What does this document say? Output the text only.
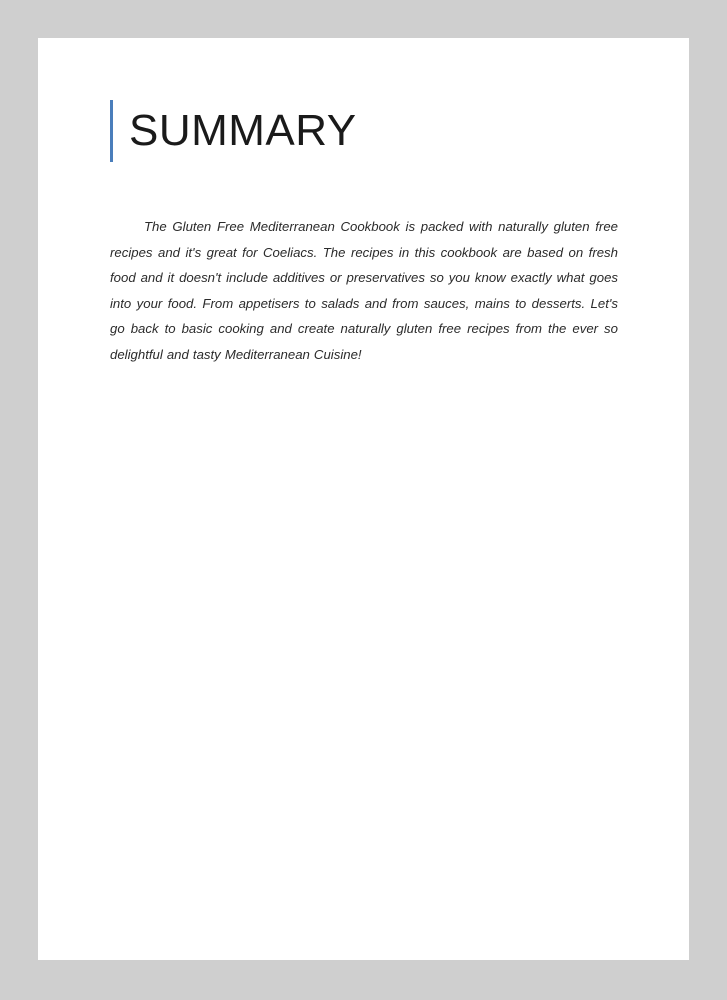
SUMMARY

The Gluten Free Mediterranean Cookbook is packed with naturally gluten free recipes and it's great for Coeliacs. The recipes in this cookbook are based on fresh food and it doesn't include additives or preservatives so you know exactly what goes into your food. From appetisers to salads and from sauces, mains to desserts. Let's go back to basic cooking and create naturally gluten free recipes from the ever so delightful and tasty Mediterranean Cuisine!
